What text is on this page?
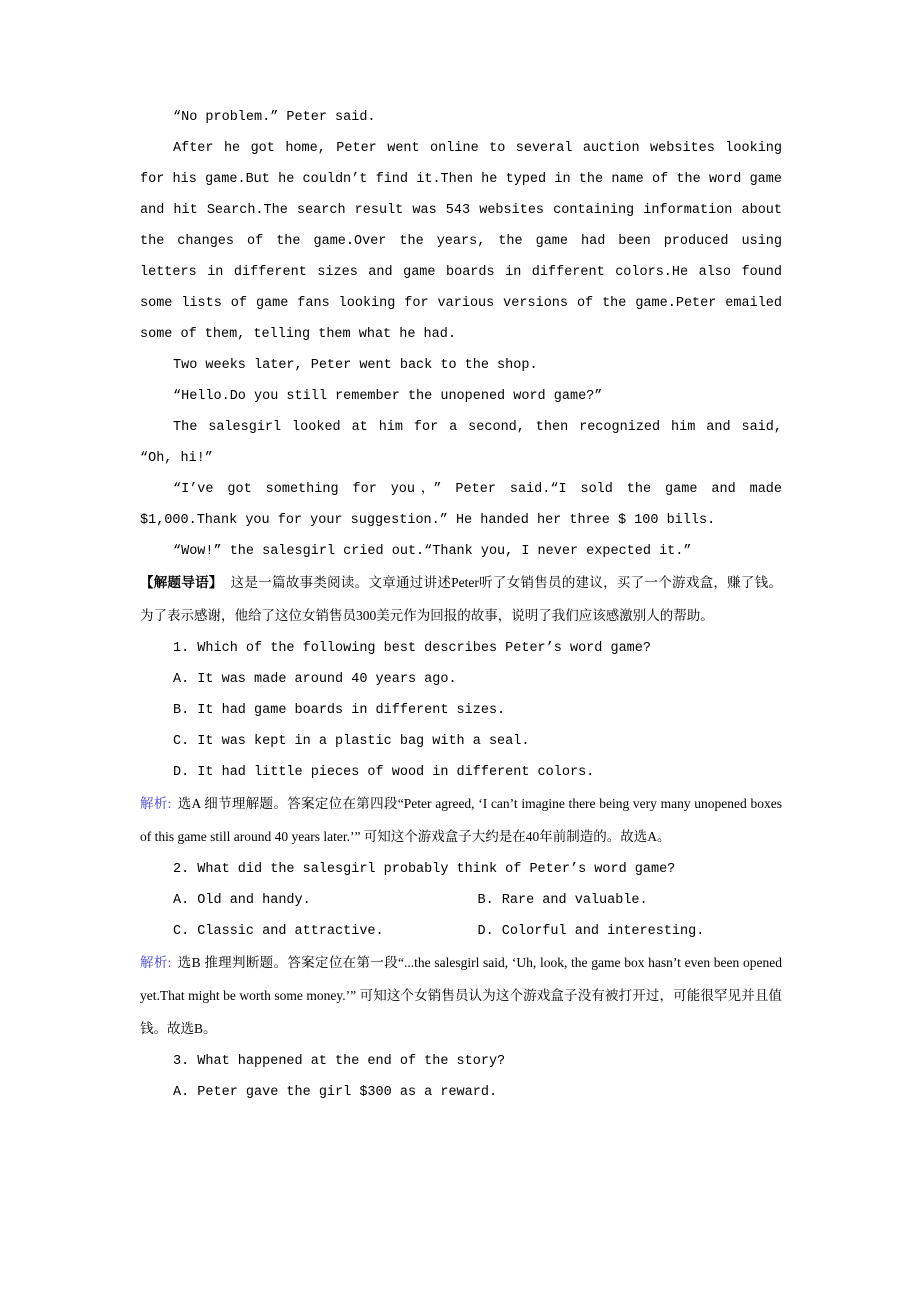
“No problem.” Peter said.

After he got home, Peter went online to several auction websites looking for his game.But he couldn’t find it.Then he typed in the name of the word game and hit Search.The search result was 543 websites containing information about the changes of the game.Over the years, the game had been produced using letters in different sizes and game boards in different colors.He also found some lists of game fans looking for various versions of the game.Peter emailed some of them, telling them what he had.

Two weeks later, Peter went back to the shop.

“Hello.Do you still remember the unopened word game?”

The salesgirl looked at him for a second, then recognized him and said, “Oh, hi!”

“I’ve got something for you，” Peter said.“I sold the game and made $1,000.Thank you for your suggestion.” He handed her three $ 100 bills.

“Wow!” the salesgirl cried out.“Thank you, I never expected it.”

【解题导语】 这是一篇故事类阅读。文章通过讲述Peter听了女销售员的建议，买了一个游戏盒，赚了钱。为了表示感谢，他给了这位女销售员300美元作为回报的故事，说明了我们应该感激别人的帮助。

1. Which of the following best describes Peter’s word game?

A. It was made around 40 years ago.

B. It had game boards in different sizes.

C. It was kept in a plastic bag with a seal.

D. It had little pieces of wood in different colors.

解析: 选A 细节理解题。答案定位在第四段“Peter agreed, ‘I can’t imagine there being very many unopened boxes of this game still around 40 years later.’” 可知这个游戏盒子大约是在40年前制造的。故选A。

2. What did the salesgirl probably think of Peter’s word game?

A. Old and handy.	B. Rare and valuable.

C. Classic and attractive.	D. Colorful and interesting.

解析: 选B 推理判断题。答案定位在第一段“...the salesgirl said, ‘Uh, look, the game box hasn’t even been opened yet.That might be worth some money.’” 可知这个女销售员认为这个游戏盒子没有被打开过，可能很罕见并且值钱。故选B。

3. What happened at the end of the story?

A. Peter gave the girl $300 as a reward.
